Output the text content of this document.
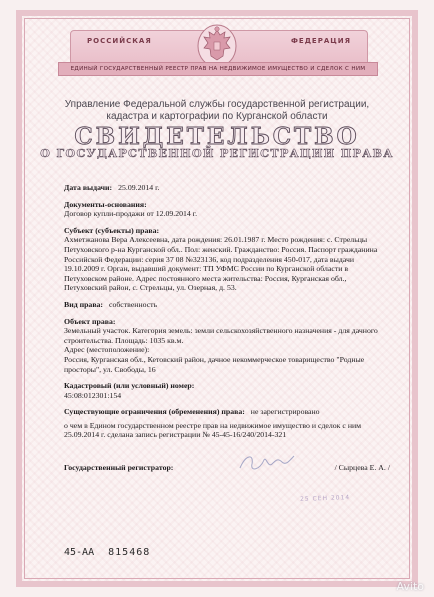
РОССИЙСКАЯ	ФЕДЕРАЦИЯ
ЕДИНЫЙ ГОСУДАРСТВЕННЫЙ РЕЕСТР ПРАВ НА НЕДВИЖИМОЕ ИМУЩЕСТВО И СДЕЛОК С НИМ
Управление Федеральной службы государственной регистрации,
кадастра и картографии по Курганской области
СВИДЕТЕЛЬСТВО
О ГОСУДАРСТВЕННОЙ РЕГИСТРАЦИИ ПРАВА
Дата выдачи: 25.09.2014 г.
Документы-основания:
Договор купли-продажи от 12.09.2014 г.
Субъект (субъекты) права:
Ахметжанова Вера Алексеевна, дата рождения: 26.01.1987 г. Место рождения: с. Стрельцы Петуховского р-на Курганской обл.. Пол: женский. Гражданство: Россия. Паспорт гражданина Российской Федерации: серия 37 08 №323136, код подразделения 450-017, дата выдачи 19.10.2009 г. Орган, выдавший документ: ТП УФМС России по Курганской области в Петуховском районе. Адрес постоянного места жительства: Россия, Курганская обл., Петуховский район, с. Стрельцы, ул. Озерная, д. 53.
Вид права: собственность
Объект права:
Земельный участок. Категория земель: земли сельскохозяйственного назначения - для дачного строительства. Площадь: 1035 кв.м.
Адрес (местоположение):
Россия, Курганская обл., Кетовский район, дачное некоммерческое товарищество "Родные просторы", ул. Свободы, 16
Кадастровый (или условный) номер:
45:08:012301:154
Существующие ограничения (обременения) права: не зарегистрировано
о чем в Едином государственном реестре прав на недвижимое имущество и сделок с ним 25.09.2014 г. сделана запись регистрации № 45-45-16/240/2014-321
Государственный регистратор:	/ Сырцева Е. А. /
25 СЕН 2014
45-АА 815468
Avito
